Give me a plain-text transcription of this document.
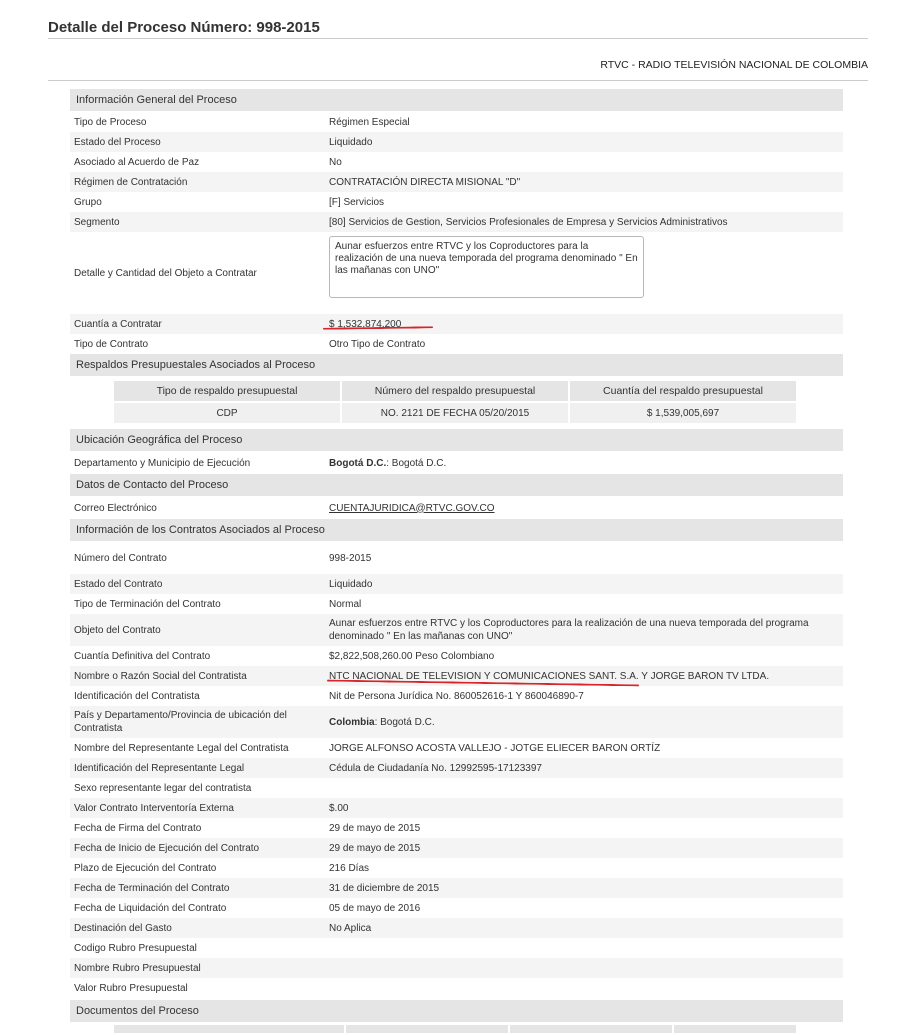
Detalle del Proceso Número: 998-2015
RTVC - RADIO TELEVISIÓN NACIONAL DE COLOMBIA
Información General del Proceso
Tipo de Proceso	Régimen Especial
Estado del Proceso	Liquidado
Asociado al Acuerdo de Paz	No
Régimen de Contratación	CONTRATACIÓN DIRECTA MISIONAL "D"
Grupo	[F] Servicios
Segmento	[80] Servicios de Gestion, Servicios Profesionales de Empresa y Servicios Administrativos
Detalle y Cantidad del Objeto a Contratar
Aunar esfuerzos entre RTVC y los Coproductores para la realización de una nueva temporada del programa denominado " En las mañanas con UNO"
Cuantía a Contratar	$ 1,532,874,200
Tipo de Contrato	Otro Tipo de Contrato
Respaldos Presupuestales Asociados al Proceso
Tipo de respaldo presupuestal	Número del respaldo presupuestal	Cuantía del respaldo presupuestal
CDP	NO. 2121 DE FECHA 05/20/2015	$ 1,539,005,697
Ubicación Geográfica del Proceso
Departamento y Municipio de Ejecución	Bogotá D.C. : Bogotá D.C.
Datos de Contacto del Proceso
Correo Electrónico	CUENTAJURIDICA@RTVC.GOV.CO
Información de los Contratos Asociados al Proceso
Número del Contrato	998-2015
Estado del Contrato	Liquidado
Tipo de Terminación del Contrato	Normal
Objeto del Contrato
Aunar esfuerzos entre RTVC y los Coproductores para la realización de una nueva temporada del programa denominado " En las mañanas con UNO"
Cuantía Definitiva del Contrato	$2,822,508,260.00 Peso Colombiano
Nombre o Razón Social del Contratista	NTC NACIONAL DE TELEVISION Y COMUNICACIONES SANT. S.A. Y JORGE BARON TV LTDA.
Identificación del Contratista	Nit de Persona Jurídica No. 860052616-1 Y 860046890-7
País y Departamento/Provincia de ubicación del Contratista
Colombia : Bogotá D.C.
Nombre del Representante Legal del Contratista	JORGE ALFONSO ACOSTA VALLEJO - JOTGE ELIECER BARON ORTÍZ
Identificación del Representante Legal	Cédula de Ciudadanía No. 12992595-17123397
Sexo representante legar del contratista
Valor Contrato Interventoría Externa	$.00
Fecha de Firma del Contrato	29 de mayo de 2015
Fecha de Inicio de Ejecución del Contrato	29 de mayo de 2015
Plazo de Ejecución del Contrato	216 Días
Fecha de Terminación del Contrato	31 de diciembre de 2015
Fecha de Liquidación del Contrato	05 de mayo de 2016
Destinación del Gasto	No Aplica
Codigo Rubro Presupuestal
Nombre Rubro Presupuestal
Valor Rubro Presupuestal
Documentos del Proceso
